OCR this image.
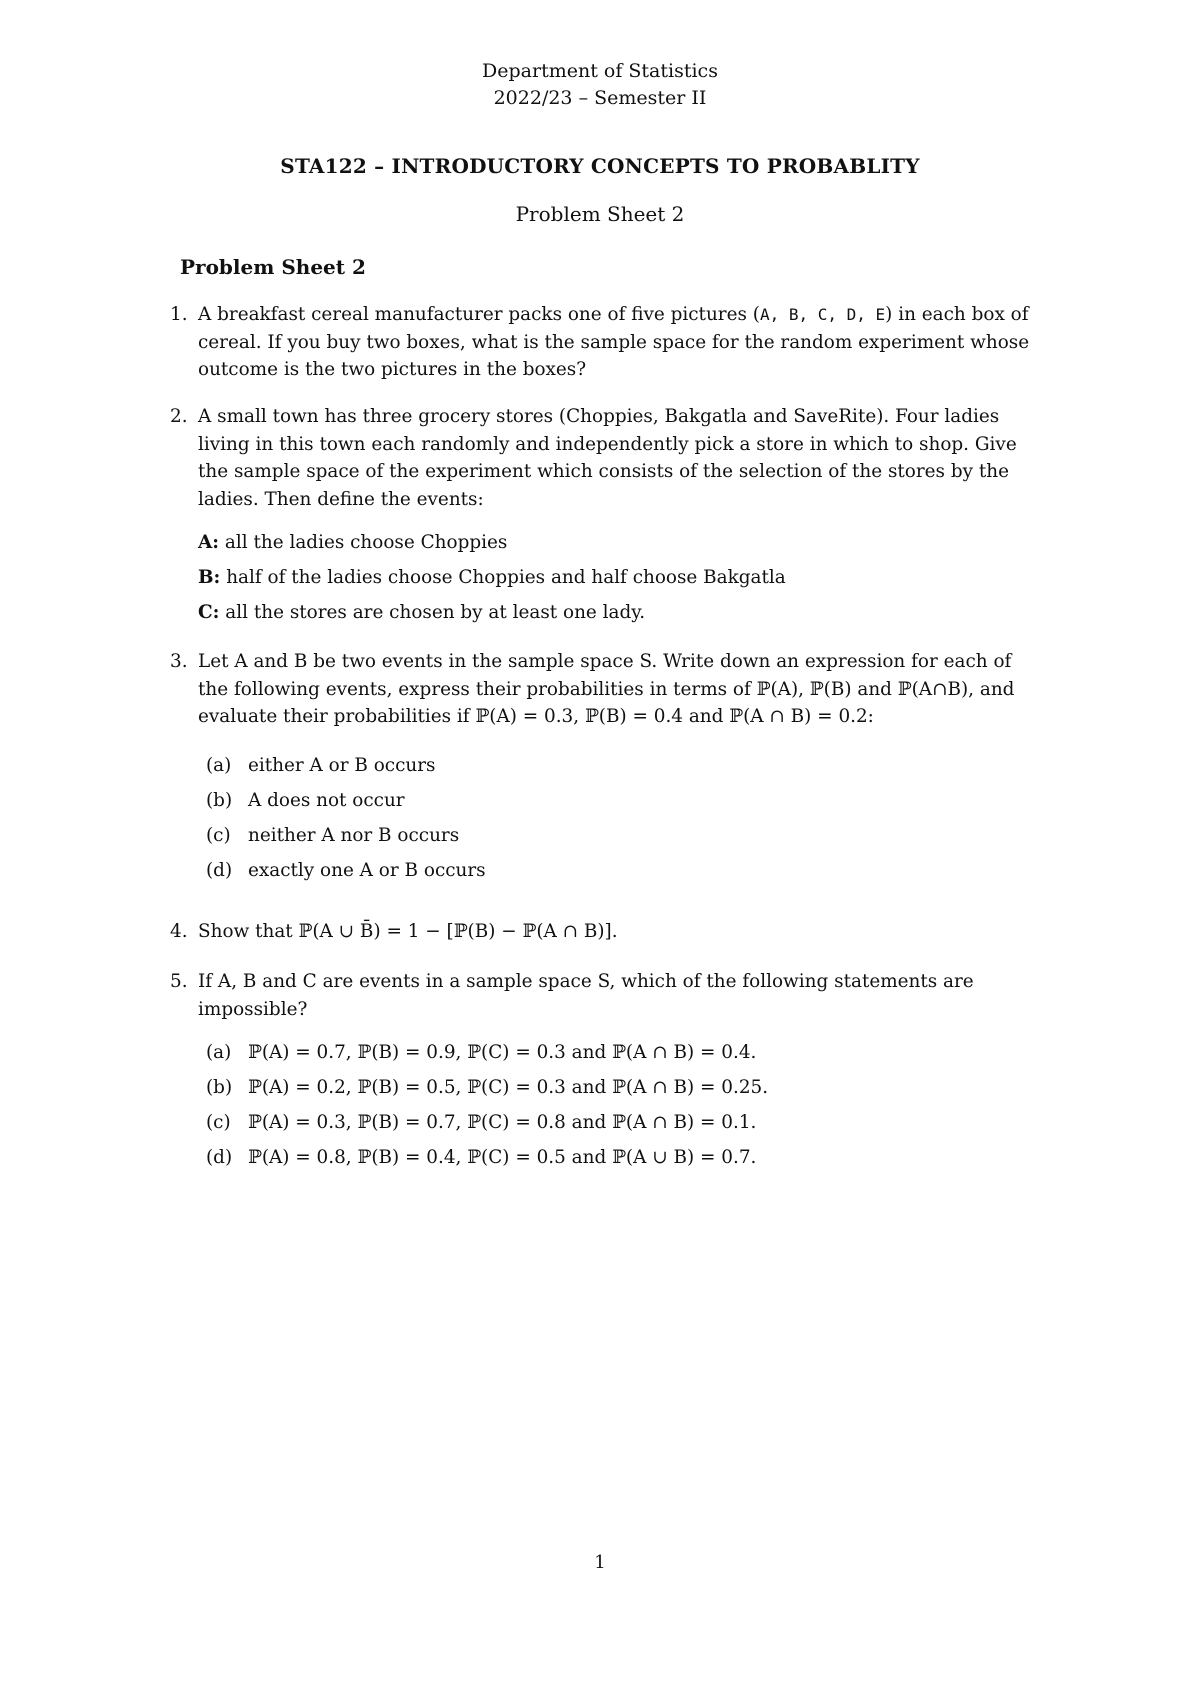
Department of Statistics
2022/23 – Semester II
STA122 – INTRODUCTORY CONCEPTS TO PROBABLITY
Problem Sheet 2
Problem Sheet 2
1. A breakfast cereal manufacturer packs one of five pictures (A, B, C, D, E) in each box of cereal. If you buy two boxes, what is the sample space for the random experiment whose outcome is the two pictures in the boxes?
2. A small town has three grocery stores (Choppies, Bakgatla and SaveRite). Four ladies living in this town each randomly and independently pick a store in which to shop. Give the sample space of the experiment which consists of the selection of the stores by the ladies. Then define the events:
A: all the ladies choose Choppies
B: half of the ladies choose Choppies and half choose Bakgatla
C: all the stores are chosen by at least one lady.
3. Let A and B be two events in the sample space S. Write down an expression for each of the following events, express their probabilities in terms of ℙ(A), ℙ(B) and ℙ(A∩B), and evaluate their probabilities if ℙ(A) = 0.3, ℙ(B) = 0.4 and ℙ(A ∩ B) = 0.2:
(a) either A or B occurs
(b) A does not occur
(c) neither A nor B occurs
(d) exactly one A or B occurs
4. Show that ℙ(A ∪ B̄) = 1 − [ℙ(B) − ℙ(A ∩ B)].
5. If A, B and C are events in a sample space S, which of the following statements are impossible?
(a) ℙ(A) = 0.7, ℙ(B) = 0.9, ℙ(C) = 0.3 and ℙ(A ∩ B) = 0.4.
(b) ℙ(A) = 0.2, ℙ(B) = 0.5, ℙ(C) = 0.3 and ℙ(A ∩ B) = 0.25.
(c) ℙ(A) = 0.3, ℙ(B) = 0.7, ℙ(C) = 0.8 and ℙ(A ∩ B) = 0.1.
(d) ℙ(A) = 0.8, ℙ(B) = 0.4, ℙ(C) = 0.5 and ℙ(A ∪ B) = 0.7.
1
